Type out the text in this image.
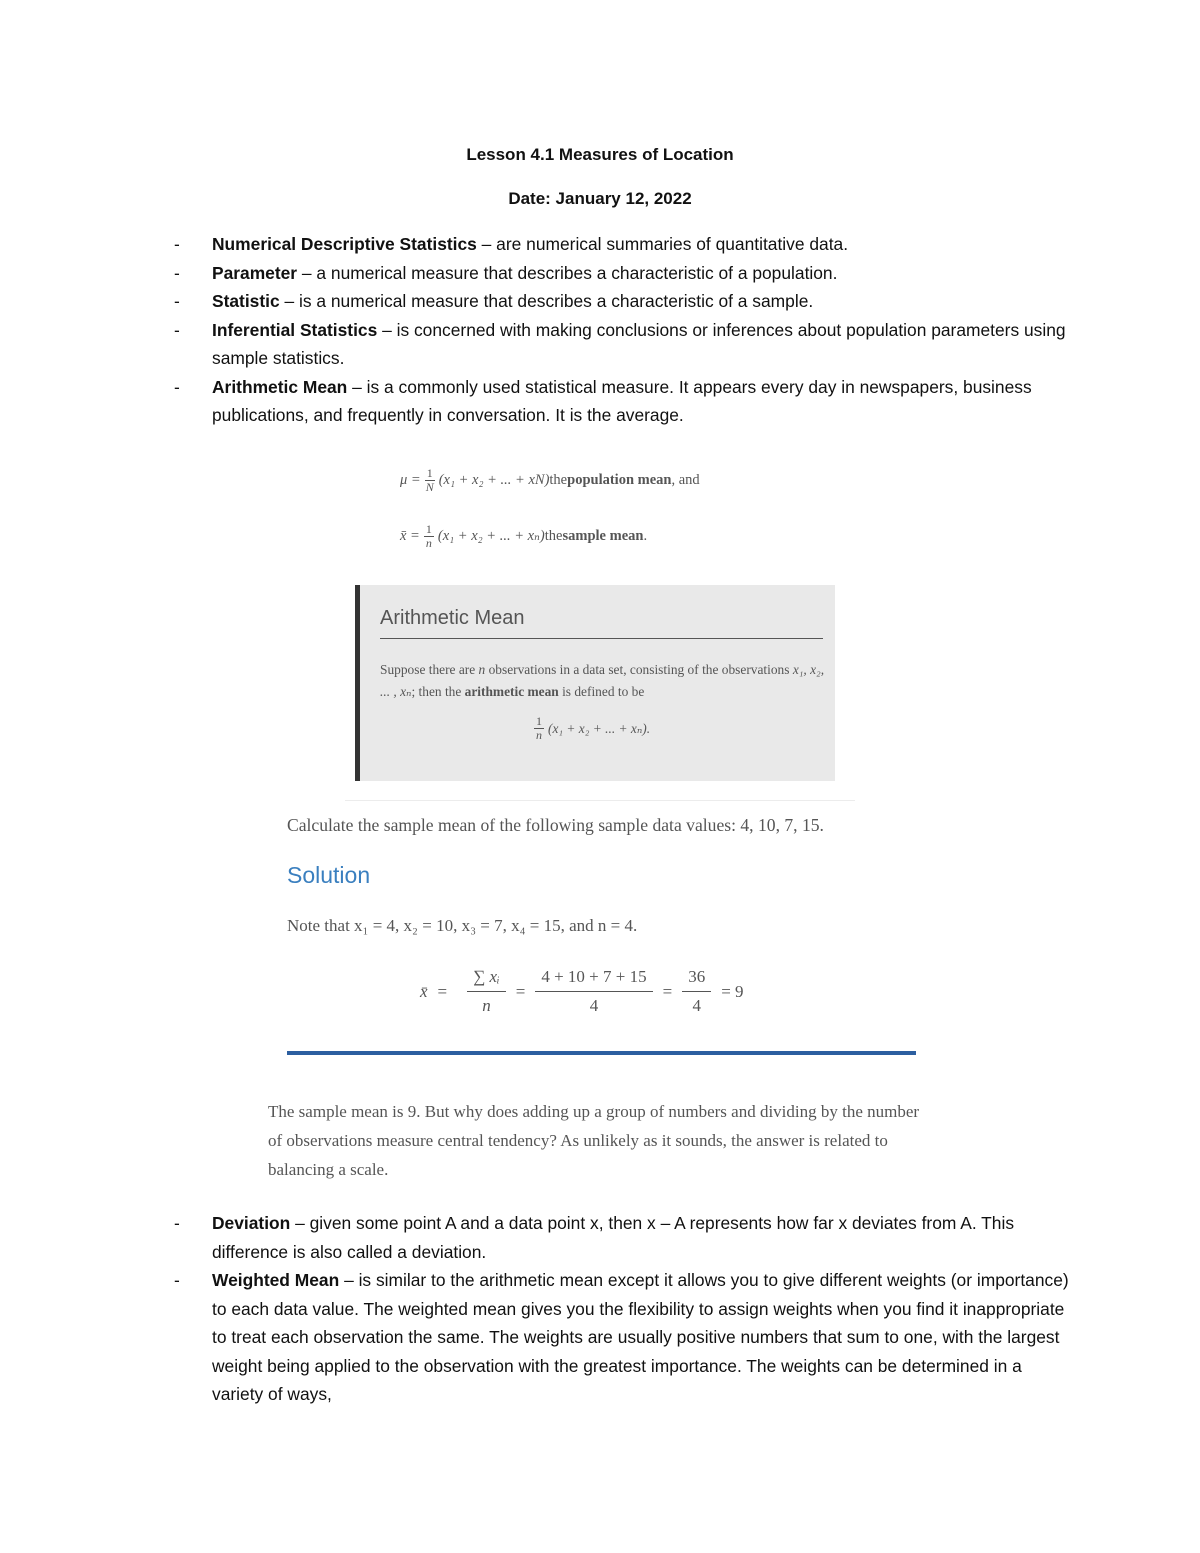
Lesson 4.1 Measures of Location
Date: January 12, 2022
- Numerical Descriptive Statistics – are numerical summaries of quantitative data.
- Parameter – a numerical measure that describes a characteristic of a population.
- Statistic – is a numerical measure that describes a characteristic of a sample.
- Inferential Statistics – is concerned with making conclusions or inferences about population parameters using sample statistics.
- Arithmetic Mean – is a commonly used statistical measure. It appears every day in newspapers, business publications, and frequently in conversation. It is the average.
$\mu = \frac{1}{N} (x_1 + x_2$ + ... + xN) the population mean , and
x̄ = $\frac{1}{n} (x_1 + x_2$ + ... + xₙ) the sample mean .
Arithmetic Mean
Suppose there are n observations in a data set, consisting of the observations x₁, x₂, ... , xₙ; then the arithmetic mean is defined to be
$\frac{1}{n} (x_1 + x_2$ + ... + xₙ).
Calculate the sample mean of the following sample data values: 4, 10, 7, 15.
Solution
Note that x₁ = 4, x₂ = 10, x₃ = 7, x₄ = 15, and n = 4.
x̄ = $\frac{\text{∑ xᵢ}}{n} = \frac{4 + 10 + 7 + 15}{4} = \frac{36}{4} = 9$
The sample mean is 9. But why does adding up a group of numbers and dividing by the number of observations measure central tendency? As unlikely as it sounds, the answer is related to balancing a scale.
- Deviation – given some point A and a data point x, then x – A represents how far x deviates from A. This difference is also called a deviation.
- Weighted Mean – is similar to the arithmetic mean except it allows you to give different weights (or importance) to each data value. The weighted mean gives you the flexibility to assign weights when you find it inappropriate to treat each observation the same. The weights are usually positive numbers that sum to one, with the largest weight being applied to the observation with the greatest importance. The weights can be determined in a variety of ways,
